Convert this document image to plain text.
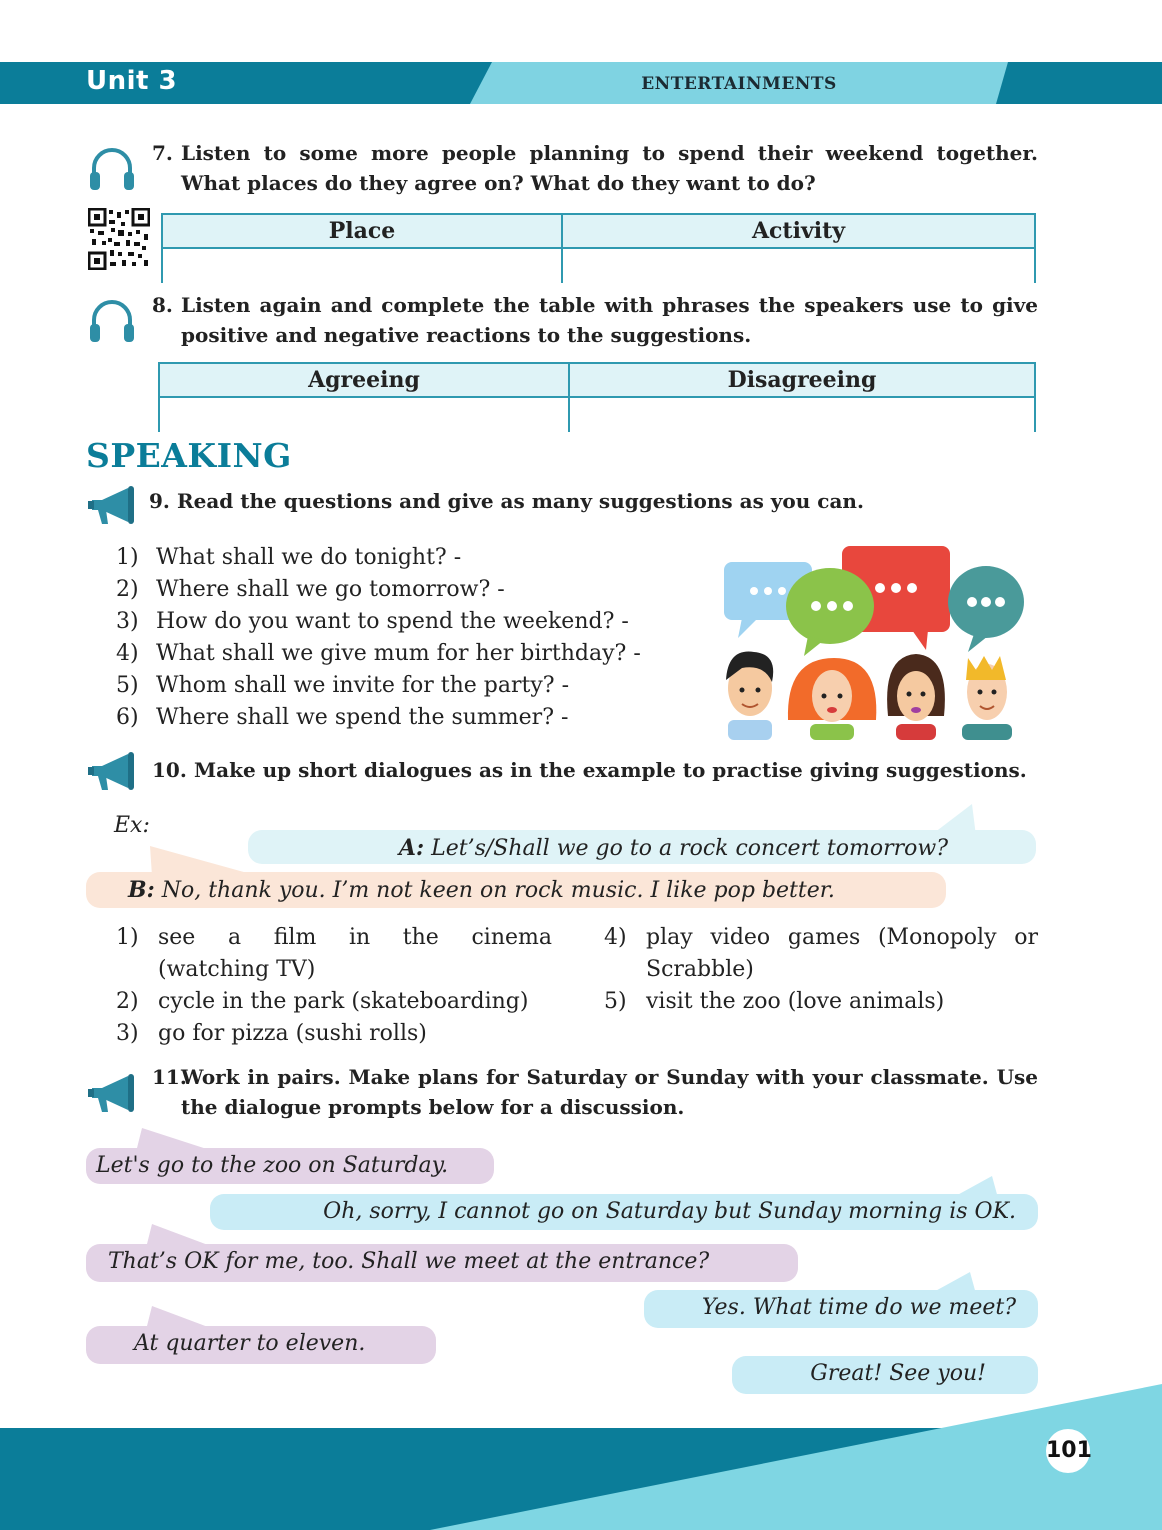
Unit 3	ENTERTAINMENTS
7. Listen to some more people planning to spend their weekend together. What places do they agree on? What do they want to do?
Place	Activity

8. Listen again and complete the table with phrases the speakers use to give positive and negative reactions to the suggestions.
Agreeing	Disagreeing

SPEAKING
9. Read the questions and give as many suggestions as you can.
1) What shall we do tonight? -
2) Where shall we go tomorrow? -
3) How do you want to spend the weekend? -
4) What shall we give mum for her birthday? -
5) Whom shall we invite for the party? -
6) Where shall we spend the summer? -
10. Make up short dialogues as in the example to practise giving suggestions.
Ex:
A: Let’s/Shall we go to a rock concert tomorrow?
B: No, thank you. I’m not keen on rock music. I like pop better.
1) see a film in the cinema
(watching TV)
2) cycle in the park (skateboarding)
3) go for pizza (sushi rolls)
4) play video games (Monopoly or
Scrabble)
5) visit the zoo (love animals)
11.
Work in pairs. Make plans for Saturday or Sunday with your classmate. Use the dialogue prompts below for a discussion.
Let's go to the zoo on Saturday.
Oh, sorry, I cannot go on Saturday but Sunday morning is OK.
That’s OK for me, too. Shall we meet at the entrance?
Yes. What time do we meet?
At quarter to eleven.
Great! See you!
101
